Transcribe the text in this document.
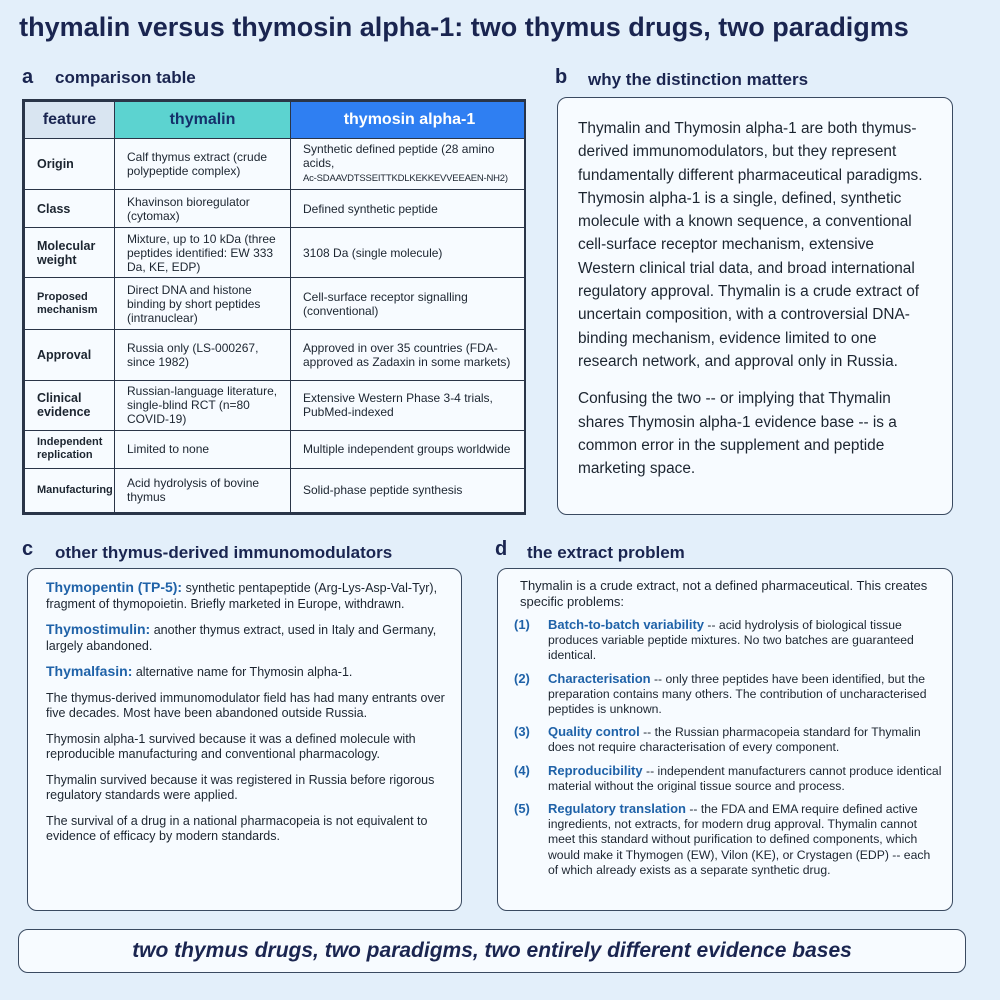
thymalin versus thymosin alpha-1: two thymus drugs, two paradigms
a comparison table
feature	thymalin	thymosin alpha-1
Origin	Calf thymus extract (crude polypeptide complex)	Synthetic defined peptide (28 amino acids,
Ac-SDAAVDTSSEITTKDLKEKKEVVEEAEN-NH2)
Class	Khavinson bioregulator (cytomax)	Defined synthetic peptide
Molecular weight	Mixture, up to 10 kDa (three peptides identified: EW 333 Da, KE, EDP)	3108 Da (single molecule)
Proposed mechanism	Direct DNA and histone binding by short peptides (intranuclear)	Cell-surface receptor signalling (conventional)
Approval	Russia only (LS-000267, since 1982)	Approved in over 35 countries (FDA-approved as Zadaxin in some markets)
Clinical evidence	Russian-language literature, single-blind RCT (n=80 COVID-19)	Extensive Western Phase 3-4 trials, PubMed-indexed
Independent replication	Limited to none	Multiple independent groups worldwide
Manufacturing	Acid hydrolysis of bovine thymus	Solid-phase peptide synthesis
b why the distinction matters

Thymalin and Thymosin alpha-1 are both thymus-derived immunomodulators, but they represent fundamentally different pharmaceutical paradigms. Thymosin alpha-1 is a single, defined, synthetic molecule with a known sequence, a conventional cell-surface receptor mechanism, extensive Western clinical trial data, and broad international regulatory approval. Thymalin is a crude extract of uncertain composition, with a controversial DNA-binding mechanism, evidence limited to one research network, and approval only in Russia.

Confusing the two -- or implying that Thymalin shares Thymosin alpha-1 evidence base -- is a common error in the supplement and peptide marketing space.

c other thymus-derived immunomodulators
Thymopentin (TP-5): synthetic pentapeptide (Arg-Lys-Asp-Val-Tyr), fragment of thymopoietin. Briefly marketed in Europe, withdrawn.
Thymostimulin: another thymus extract, used in Italy and Germany, largely abandoned.
Thymalfasin: alternative name for Thymosin alpha-1.
The thymus-derived immunomodulator field has had many entrants over five decades. Most have been abandoned outside Russia.
Thymosin alpha-1 survived because it was a defined molecule with reproducible manufacturing and conventional pharmacology.
Thymalin survived because it was registered in Russia before rigorous regulatory standards were applied.
The survival of a drug in a national pharmacopeia is not equivalent to evidence of efficacy by modern standards.
d the extract problem
Thymalin is a crude extract, not a defined pharmaceutical. This creates specific problems:
(1)	Batch-to-batch variability -- acid hydrolysis of biological tissue produces variable peptide mixtures. No two batches are guaranteed identical.
(2)	Characterisation -- only three peptides have been identified, but the preparation contains many others. The contribution of uncharacterised peptides is unknown.
(3)	Quality control -- the Russian pharmacopeia standard for Thymalin does not require characterisation of every component.
(4)	Reproducibility -- independent manufacturers cannot produce identical material without the original tissue source and process.
(5)	Regulatory translation -- the FDA and EMA require defined active ingredients, not extracts, for modern drug approval. Thymalin cannot meet this standard without purification to defined components, which would make it Thymogen (EW), Vilon (KE), or Crystagen (EDP) -- each of which already exists as a separate synthetic drug.
two thymus drugs, two paradigms, two entirely different evidence bases
